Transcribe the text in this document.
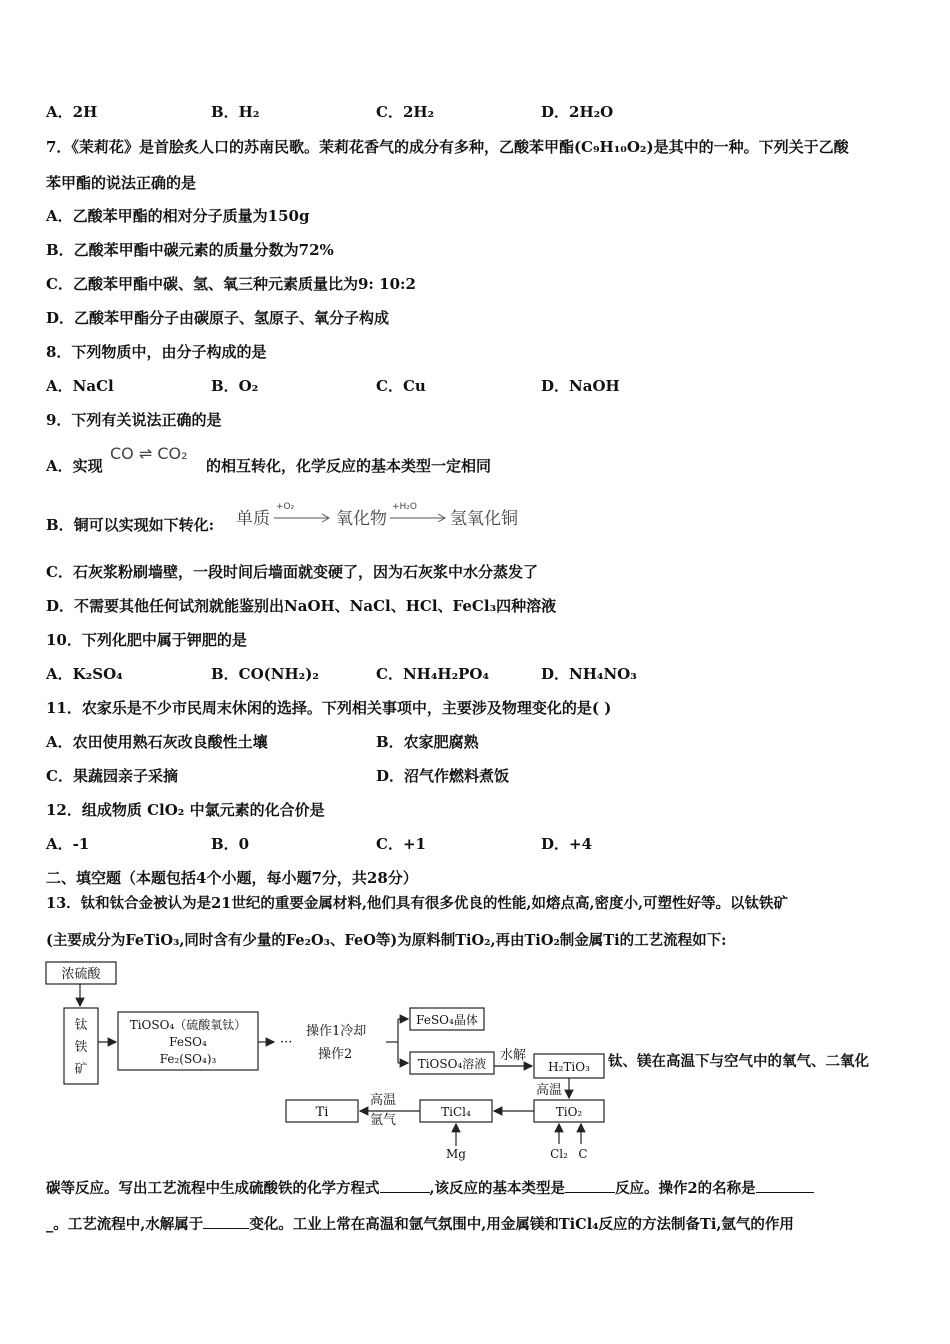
A．2H	B．H₂	C．2H₂	D．2H₂O
7．《茉莉花》是首脍炙人口的苏南民歌。茉莉花香气的成分有多种，乙酸苯甲酯(C₉H₁₀O₂)是其中的一种。下列关于乙酸
苯甲酯的说法正确的是
A．乙酸苯甲酯的相对分子质量为150g
B．乙酸苯甲酯中碳元素的质量分数为72%
C．乙酸苯甲酯中碳、氢、氧三种元素质量比为9: 10:2
D．乙酸苯甲酯分子由碳原子、氢原子、氧分子构成
8．下列物质中，由分子构成的是
A．NaCl	B．O₂	C．Cu	D．NaOH
9．下列有关说法正确的是
A．实现
CO ⇌ CO₂
的相互转化，化学反应的基本类型一定相同
B．铜可以实现如下转化: 单质
+O₂
→ 氧化物
+H₂O
→ 氢氧化铜
C．石灰浆粉刷墙壁，一段时间后墙面就变硬了，因为石灰浆中水分蒸发了
D．不需要其他任何试剂就能鉴别出NaOH、NaCl、HCl、FeCl₃四种溶液
10．下列化肥中属于钾肥的是
A．K₂SO₄	B．CO(NH₂)₂	C．NH₄H₂PO₄	D．NH₄NO₃
11．农家乐是不少市民周末休闲的选择。下列相关事项中，主要涉及物理变化的是( )
A．农田使用熟石灰改良酸性土壤	B．农家肥腐熟
C．果蔬园亲子采摘	D．沼气作燃料煮饭
12．组成物质 ClO₂ 中氯元素的化合价是
A．-1	B．0	C．+1	D．+4
二、填空题（本题包括4个小题，每小题7分，共28分）
13．钛和钛合金被认为是21世纪的重要金属材料,他们具有很多优良的性能,如熔点高,密度小,可塑性好等。以钛铁矿
(主要成分为FeTiO₃,同时含有少量的Fe₂O₃、FeO等)为原料制TiO₂,再由TiO₂制金属Ti的工艺流程如下:
浓硫酸
钛
铁
矿
TiOSO₄（硫酸氧钛）
FeSO₄
Fe₂(SO₄)₃
···
操作1冷却
操作2
FeSO₄晶体
TiOSO₄溶液
水解
H₂TiO₃
高温
TiO₂
Cl₂ C
TiCl₄
Mg
高温
氩气
Ti
钛、镁在高温下与空气中的氧气、二氧化
碳等反应。写出工艺流程中生成硫酸铁的化学方程式	,该反应的基本类型是	反应。操作2的名称是
_。工艺流程中,水解属于	变化。工业上常在高温和氩气氛围中,用金属镁和TiCl₄反应的方法制备Ti,氩气的作用
